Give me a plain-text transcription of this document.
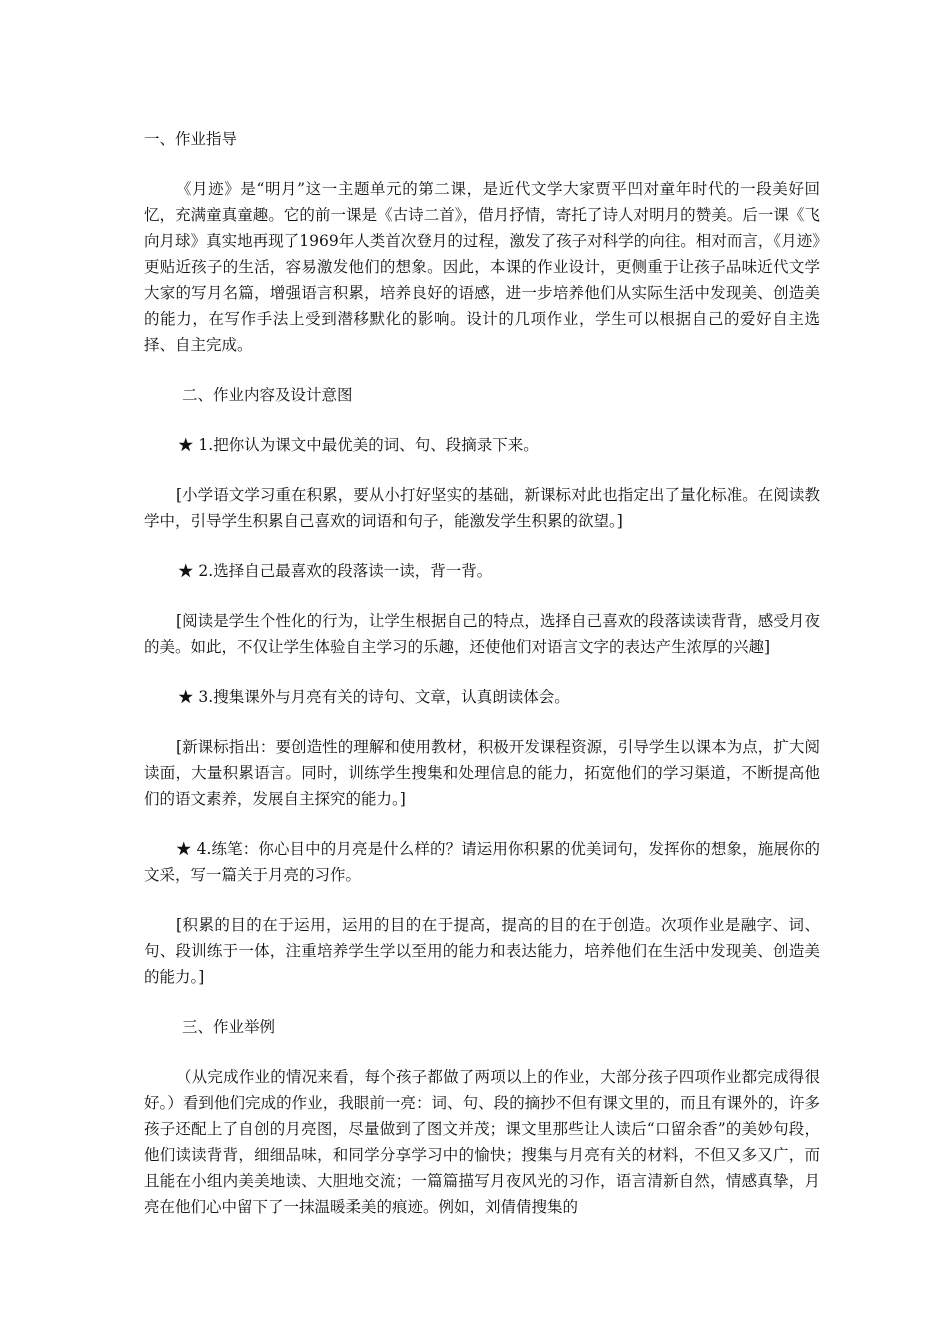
一、作业指导

《月迹》是“明月”这一主题单元的第二课，是近代文学大家贾平凹对童年时代的一段美好回忆，充满童真童趣。它的前一课是《古诗二首》，借月抒情，寄托了诗人对明月的赞美。后一课《飞向月球》真实地再现了1969年人类首次登月的过程，激发了孩子对科学的向往。相对而言，《月迹》更贴近孩子的生活，容易激发他们的想象。因此，本课的作业设计，更侧重于让孩子品味近代文学大家的写月名篇，增强语言积累，培养良好的语感，进一步培养他们从实际生活中发现美、创造美的能力，在写作手法上受到潜移默化的影响。设计的几项作业，学生可以根据自己的爱好自主选择、自主完成。

二、作业内容及设计意图

★ 1.把你认为课文中最优美的词、句、段摘录下来。

[小学语文学习重在积累，要从小打好坚实的基础，新课标对此也指定出了量化标准。在阅读教学中，引导学生积累自己喜欢的词语和句子，能激发学生积累的欲望。]

★ 2.选择自己最喜欢的段落读一读，背一背。

[阅读是学生个性化的行为，让学生根据自己的特点，选择自己喜欢的段落读读背背，感受月夜的美。如此，不仅让学生体验自主学习的乐趣，还使他们对语言文字的表达产生浓厚的兴趣]

★ 3.搜集课外与月亮有关的诗句、文章，认真朗读体会。

[新课标指出：要创造性的理解和使用教材，积极开发课程资源，引导学生以课本为点，扩大阅读面，大量积累语言。同时，训练学生搜集和处理信息的能力，拓宽他们的学习渠道，不断提高他们的语文素养，发展自主探究的能力。]

★ 4.练笔：你心目中的月亮是什么样的？请运用你积累的优美词句，发挥你的想象，施展你的文采，写一篇关于月亮的习作。

[积累的目的在于运用，运用的目的在于提高，提高的目的在于创造。次项作业是融字、词、句、段训练于一体，注重培养学生学以至用的能力和表达能力，培养他们在生活中发现美、创造美的能力。]

三、作业举例

（从完成作业的情况来看，每个孩子都做了两项以上的作业，大部分孩子四项作业都完成得很好。）看到他们完成的作业，我眼前一亮：词、句、段的摘抄不但有课文里的，而且有课外的，许多孩子还配上了自创的月亮图，尽量做到了图文并茂；课文里那些让人读后“口留余香”的美妙句段，他们读读背背，细细品味，和同学分享学习中的愉快；搜集与月亮有关的材料，不但又多又广，而且能在小组内美美地读、大胆地交流；一篇篇描写月夜风光的习作，语言清新自然，情感真挚，月亮在他们心中留下了一抹温暖柔美的痕迹。例如，刘倩倩搜集的
